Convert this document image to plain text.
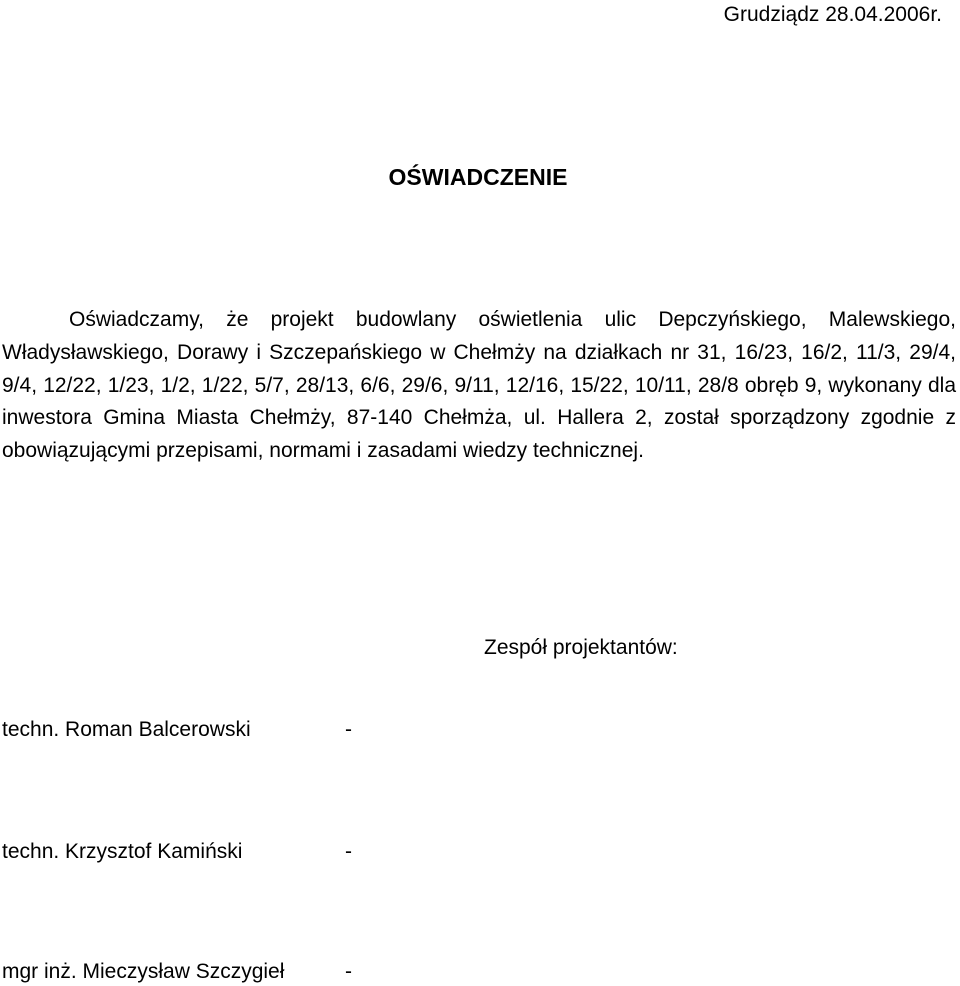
Grudziądz 28.04.2006r.
OŚWIADCZENIE
Oświadczamy, że projekt budowlany oświetlenia ulic Depczyńskiego, Malewskiego, Władysławskiego, Dorawy i Szczepańskiego w Chełmży na działkach nr 31, 16/23, 16/2, 11/3, 29/4, 9/4, 12/22, 1/23, 1/2, 1/22, 5/7, 28/13, 6/6, 29/6, 9/11, 12/16, 15/22, 10/11, 28/8 obręb 9, wykonany dla inwestora Gmina Miasta Chełmży, 87-140 Chełmża, ul. Hallera 2, został sporządzony zgodnie z obowiązującymi przepisami, normami i zasadami wiedzy technicznej.
Zespół projektantów:
techn. Roman Balcerowski	-
techn. Krzysztof Kamiński	-
mgr inż. Mieczysław Szczygieł	-
